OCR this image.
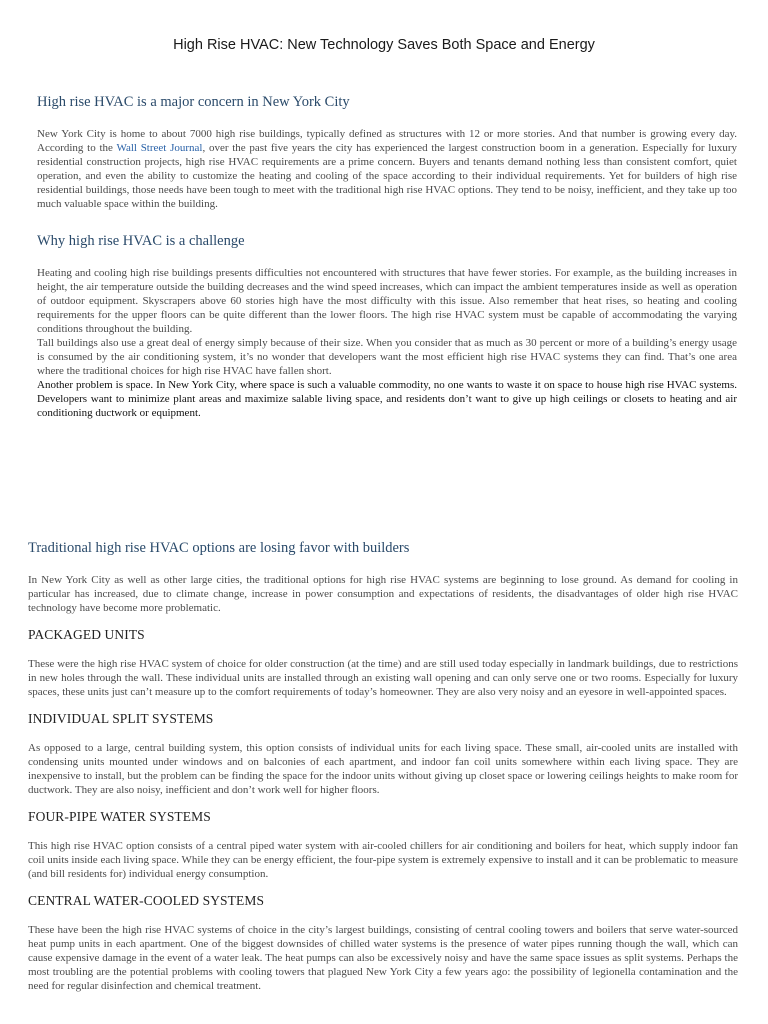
High Rise HVAC: New Technology Saves Both Space and Energy
High rise HVAC is a major concern in New York City

New York City is home to about 7000 high rise buildings, typically defined as structures with 12 or more stories. And that number is growing every day. According to the Wall Street Journal, over the past five years the city has experienced the largest construction boom in a generation. Especially for luxury residential construction projects, high rise HVAC requirements are a prime concern. Buyers and tenants demand nothing less than consistent comfort, quiet operation, and even the ability to customize the heating and cooling of the space according to their individual requirements. Yet for builders of high rise residential buildings, those needs have been tough to meet with the traditional high rise HVAC options. They tend to be noisy, inefficient, and they take up too much valuable space within the building.

Why high rise HVAC is a challenge

Heating and cooling high rise buildings presents difficulties not encountered with structures that have fewer stories. For example, as the building increases in height, the air temperature outside the building decreases and the wind speed increases, which can impact the ambient temperatures inside as well as operation of outdoor equipment. Skyscrapers above 60 stories high have the most difficulty with this issue. Also remember that heat rises, so heating and cooling requirements for the upper floors can be quite different than the lower floors. The high rise HVAC system must be capable of accommodating the varying conditions throughout the building.

Tall buildings also use a great deal of energy simply because of their size. When you consider that as much as 30 percent or more of a building’s energy usage is consumed by the air conditioning system, it’s no wonder that developers want the most efficient high rise HVAC systems they can find. That’s one area where the traditional choices for high rise HVAC have fallen short.

Another problem is space. In New York City, where space is such a valuable commodity, no one wants to waste it on space to house high rise HVAC systems. Developers want to minimize plant areas and maximize salable living space, and residents don’t want to give up high ceilings or closets to heating and air conditioning ductwork or equipment.

Traditional high rise HVAC options are losing favor with builders

In New York City as well as other large cities, the traditional options for high rise HVAC systems are beginning to lose ground. As demand for cooling in particular has increased, due to climate change, increase in power consumption and expectations of residents, the disadvantages of older high rise HVAC technology have become more problematic.

PACKAGED UNITS

These were the high rise HVAC system of choice for older construction (at the time) and are still used today especially in landmark buildings, due to restrictions in new holes through the wall. These individual units are installed through an existing wall opening and can only serve one or two rooms. Especially for luxury spaces, these units just can’t measure up to the comfort requirements of today’s homeowner. They are also very noisy and an eyesore in well-appointed spaces.

INDIVIDUAL SPLIT SYSTEMS

As opposed to a large, central building system, this option consists of individual units for each living space. These small, air-cooled units are installed with condensing units mounted under windows and on balconies of each apartment, and indoor fan coil units somewhere within each living space. They are inexpensive to install, but the problem can be finding the space for the indoor units without giving up closet space or lowering ceilings heights to make room for ductwork. They are also noisy, inefficient and don’t work well for higher floors.

FOUR-PIPE WATER SYSTEMS

This high rise HVAC option consists of a central piped water system with air-cooled chillers for air conditioning and boilers for heat, which supply indoor fan coil units inside each living space. While they can be energy efficient, the four-pipe system is extremely expensive to install and it can be problematic to measure (and bill residents for) individual energy consumption.

CENTRAL WATER-COOLED SYSTEMS

These have been the high rise HVAC systems of choice in the city’s largest buildings, consisting of central cooling towers and boilers that serve water-sourced heat pump units in each apartment. One of the biggest downsides of chilled water systems is the presence of water pipes running though the wall, which can cause expensive damage in the event of a water leak. The heat pumps can also be excessively noisy and have the same space issues as split systems. Perhaps the most troubling are the potential problems with cooling towers that plagued New York City a few years ago: the possibility of legionella contamination and the need for regular disinfection and chemical treatment.
